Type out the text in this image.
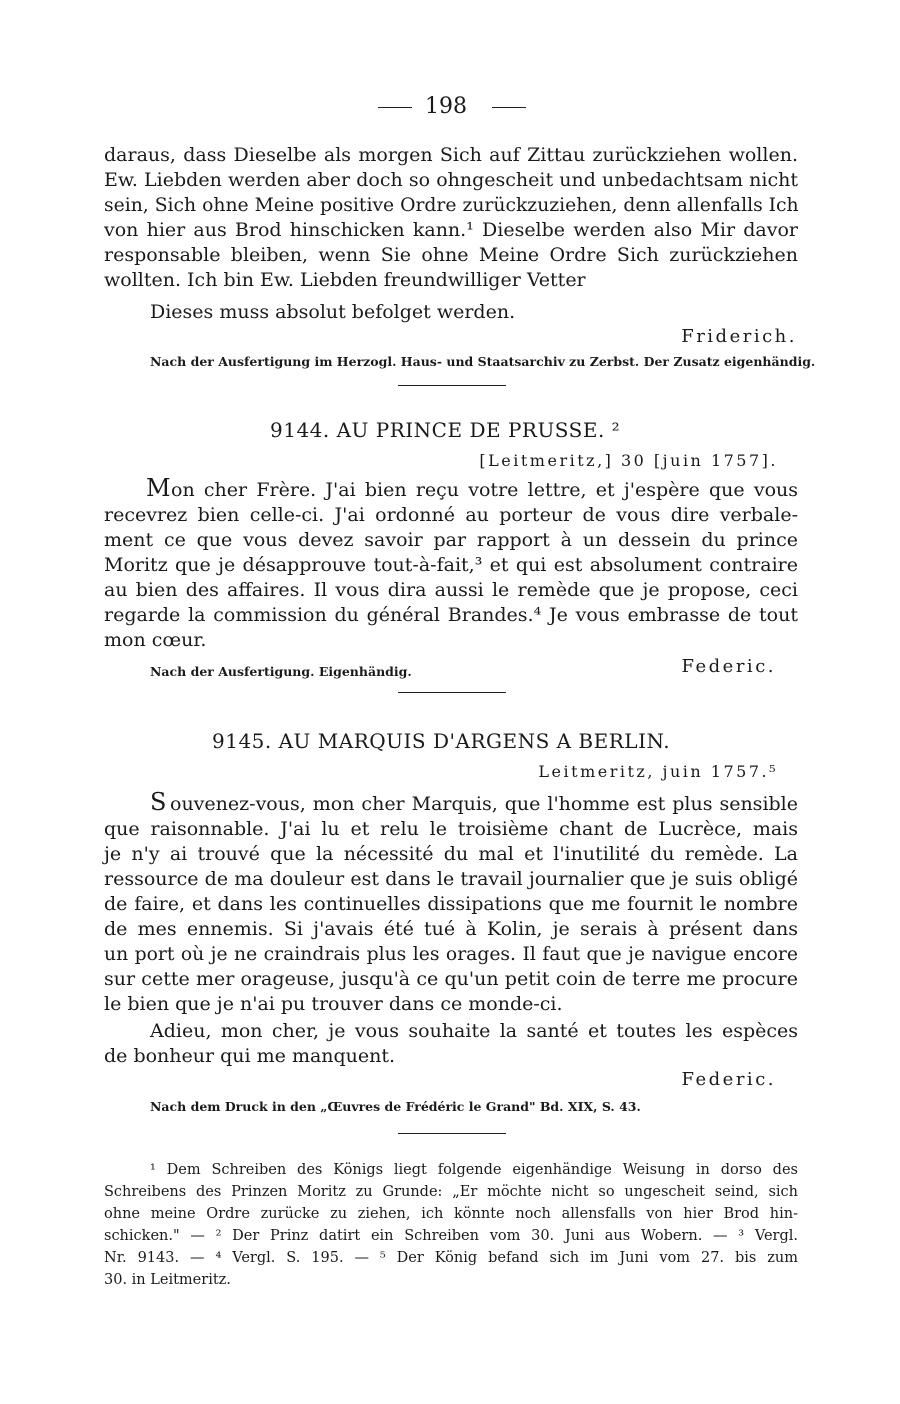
198
daraus, dass Dieselbe als morgen Sich auf Zittau zurückziehen wollen.
Ew. Liebden werden aber doch so ohngescheit und unbedachtsam nicht
sein, Sich ohne Meine positive Ordre zurückzuziehen, denn allenfalls Ich
von hier aus Brod hinschicken kann.¹ Dieselbe werden also Mir davor
responsable bleiben, wenn Sie ohne Meine Ordre Sich zurückziehen
wollten. Ich bin Ew. Liebden freundwilliger Vetter
Dieses muss absolut befolget werden.
Friderich.
Nach der Ausfertigung im Herzogl. Haus- und Staatsarchiv zu Zerbst. Der Zusatz eigenhändig.
9144. AU PRINCE DE PRUSSE. ²
[Leitmeritz,] 30 [juin 1757].
M on cher Frère. J'ai bien reçu votre lettre, et j'espère que vous
recevrez bien celle-ci. J'ai ordonné au porteur de vous dire verbale-
ment ce que vous devez savoir par rapport à un dessein du prince
Moritz que je désapprouve tout-à-fait,³ et qui est absolument contraire
au bien des affaires. Il vous dira aussi le remède que je propose, ceci
regarde la commission du général Brandes.⁴ Je vous embrasse de tout
mon cœur.
Nach der Ausfertigung. Eigenhändig.	Federic.
9145. AU MARQUIS D'ARGENS A BERLIN.
Leitmeritz, juin 1757.⁵
S ouvenez-vous, mon cher Marquis, que l'homme est plus sensible
que raisonnable. J'ai lu et relu le troisième chant de Lucrèce, mais
je n'y ai trouvé que la nécessité du mal et l'inutilité du remède. La
ressource de ma douleur est dans le travail journalier que je suis obligé
de faire, et dans les continuelles dissipations que me fournit le nombre
de mes ennemis. Si j'avais été tué à Kolin, je serais à présent dans
un port où je ne craindrais plus les orages. Il faut que je navigue encore
sur cette mer orageuse, jusqu'à ce qu'un petit coin de terre me procure
le bien que je n'ai pu trouver dans ce monde-ci.
Adieu, mon cher, je vous souhaite la santé et toutes les espèces
de bonheur qui me manquent.
Federic.
Nach dem Druck in den „Œuvres de Frédéric le Grand" Bd. XIX, S. 43.
¹ Dem Schreiben des Königs liegt folgende eigenhändige Weisung in dorso des
Schreibens des Prinzen Moritz zu Grunde: „Er möchte nicht so ungescheit seind, sich
ohne meine Ordre zurücke zu ziehen, ich könnte noch allensfalls von hier Brod hin-
schicken." — ² Der Prinz datirt ein Schreiben vom 30. Juni aus Wobern. — ³ Vergl.
Nr. 9143. — ⁴ Vergl. S. 195. — ⁵ Der König befand sich im Juni vom 27. bis zum
30. in Leitmeritz.
